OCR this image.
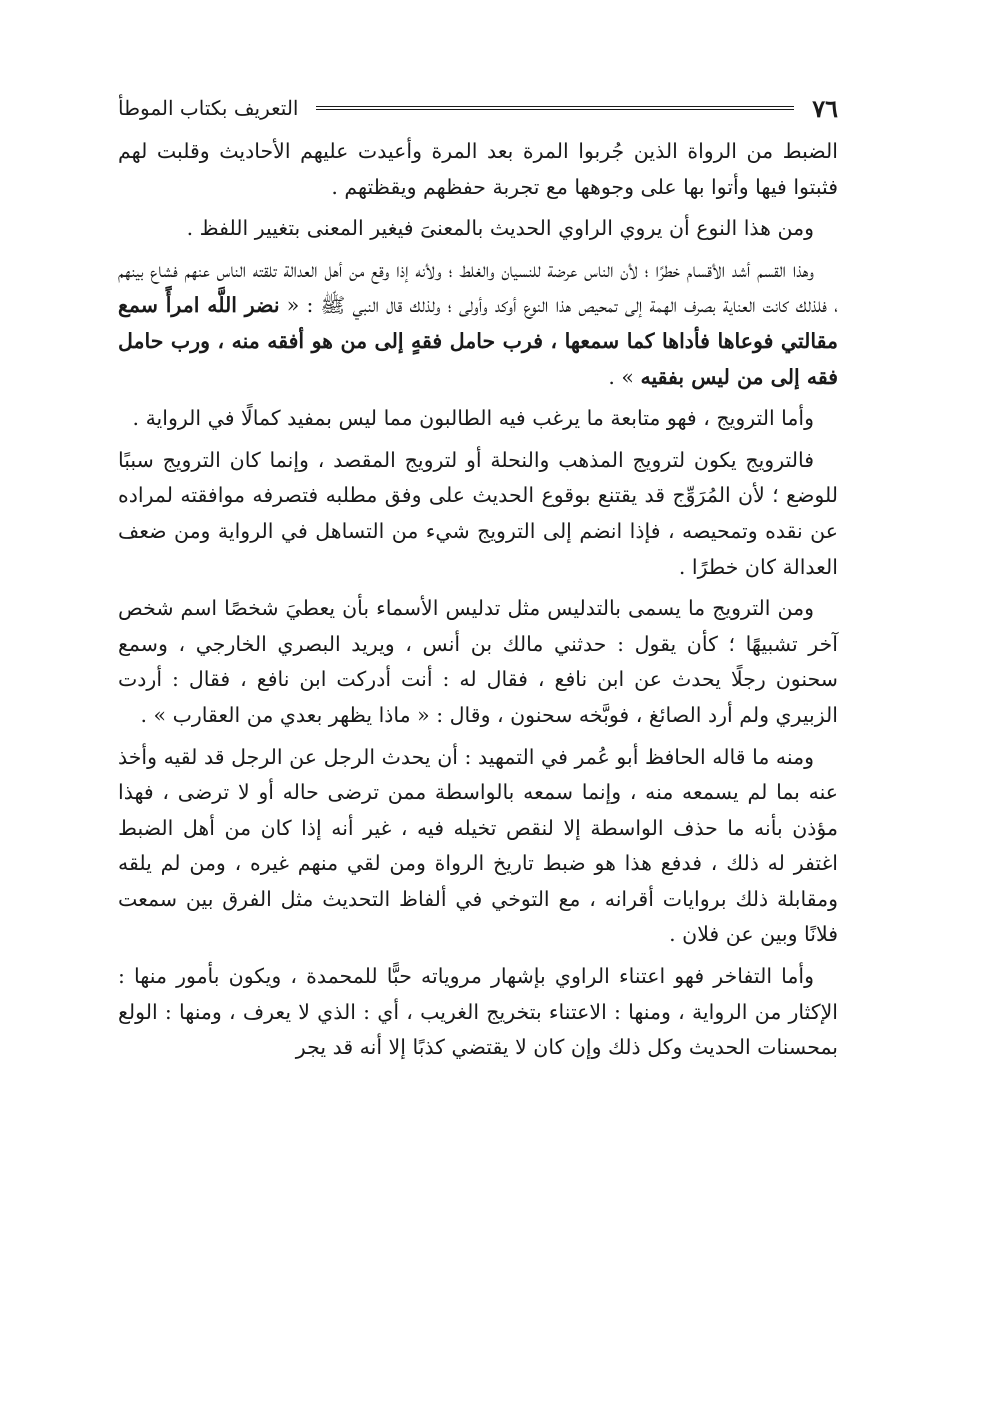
٧٦
التعريف بكتاب الموطأ

الضبط من الرواة الذين جُربوا المرة بعد المرة وأعيدت عليهم الأحاديث وقلبت لهم فثبتوا فيها وأتوا بها على وجوهها مع تجربة حفظهم ويقظتهم .

ومن هذا النوع أن يروي الراوي الحديث بالمعنىَ فيغير المعنى بتغيير اللفظ .

وهذا القسم أشد الأقسام خطرًا ؛ لأن الناس عرضة للنسيان والغلط ؛ ولأنه إذا وقع من أهل العدالة تلقته الناس عنهم فشاع بينهم ، فلذلك كانت العناية بصرف الهمة إلى تمحيص هذا النوع أوكد وأولى ؛ ولذلك قال النبي ﷺ : « نضر اللَّه امرأً سمع مقالتي فوعاها فأداها كما سمعها ، فرب حامل فقهٍ إلى من هو أفقه منه ، ورب حامل فقه إلى من ليس بفقيه » .

وأما الترويج ، فهو متابعة ما يرغب فيه الطالبون مما ليس بمفيد كمالًا في الرواية .

فالترويج يكون لترويج المذهب والنحلة أو لترويج المقصد ، وإنما كان الترويج سببًا للوضع ؛ لأن المُرَوِّج قد يقتنع بوقوع الحديث على وفق مطلبه فتصرفه موافقته لمراده عن نقده وتمحيصه ، فإذا انضم إلى الترويج شيء من التساهل في الرواية ومن ضعف العدالة كان خطرًا .

ومن الترويج ما يسمى بالتدليس مثل تدليس الأسماء بأن يعطيَ شخصًا اسم شخص آخر تشبيهًا ؛ كأن يقول : حدثني مالك بن أنس ، ويريد البصري الخارجي ، وسمع سحنون رجلًا يحدث عن ابن نافع ، فقال له : أنت أدركت ابن نافع ، فقال : أردت الزبيري ولم أرد الصائغ ، فوبَّخه سحنون ، وقال : « ماذا يظهر بعدي من العقارب » .

ومنه ما قاله الحافظ أبو عُمر في التمهيد : أن يحدث الرجل عن الرجل قد لقيه وأخذ عنه بما لم يسمعه منه ، وإنما سمعه بالواسطة ممن ترضى حاله أو لا ترضى ، فهذا مؤذن بأنه ما حذف الواسطة إلا لنقص تخيله فيه ، غير أنه إذا كان من أهل الضبط اغتفر له ذلك ، فدفع هذا هو ضبط تاريخ الرواة ومن لقي منهم غيره ، ومن لم يلقه ومقابلة ذلك بروايات أقرانه ، مع التوخي في ألفاظ التحديث مثل الفرق بين سمعت فلانًا وبين عن فلان .

وأما التفاخر فهو اعتناء الراوي بإشهار مروياته حبًّا للمحمدة ، ويكون بأمور منها : الإكثار من الرواية ، ومنها : الاعتناء بتخريج الغريب ، أي : الذي لا يعرف ، ومنها : الولع بمحسنات الحديث وكل ذلك وإن كان لا يقتضي كذبًا إلا أنه قد يجر
